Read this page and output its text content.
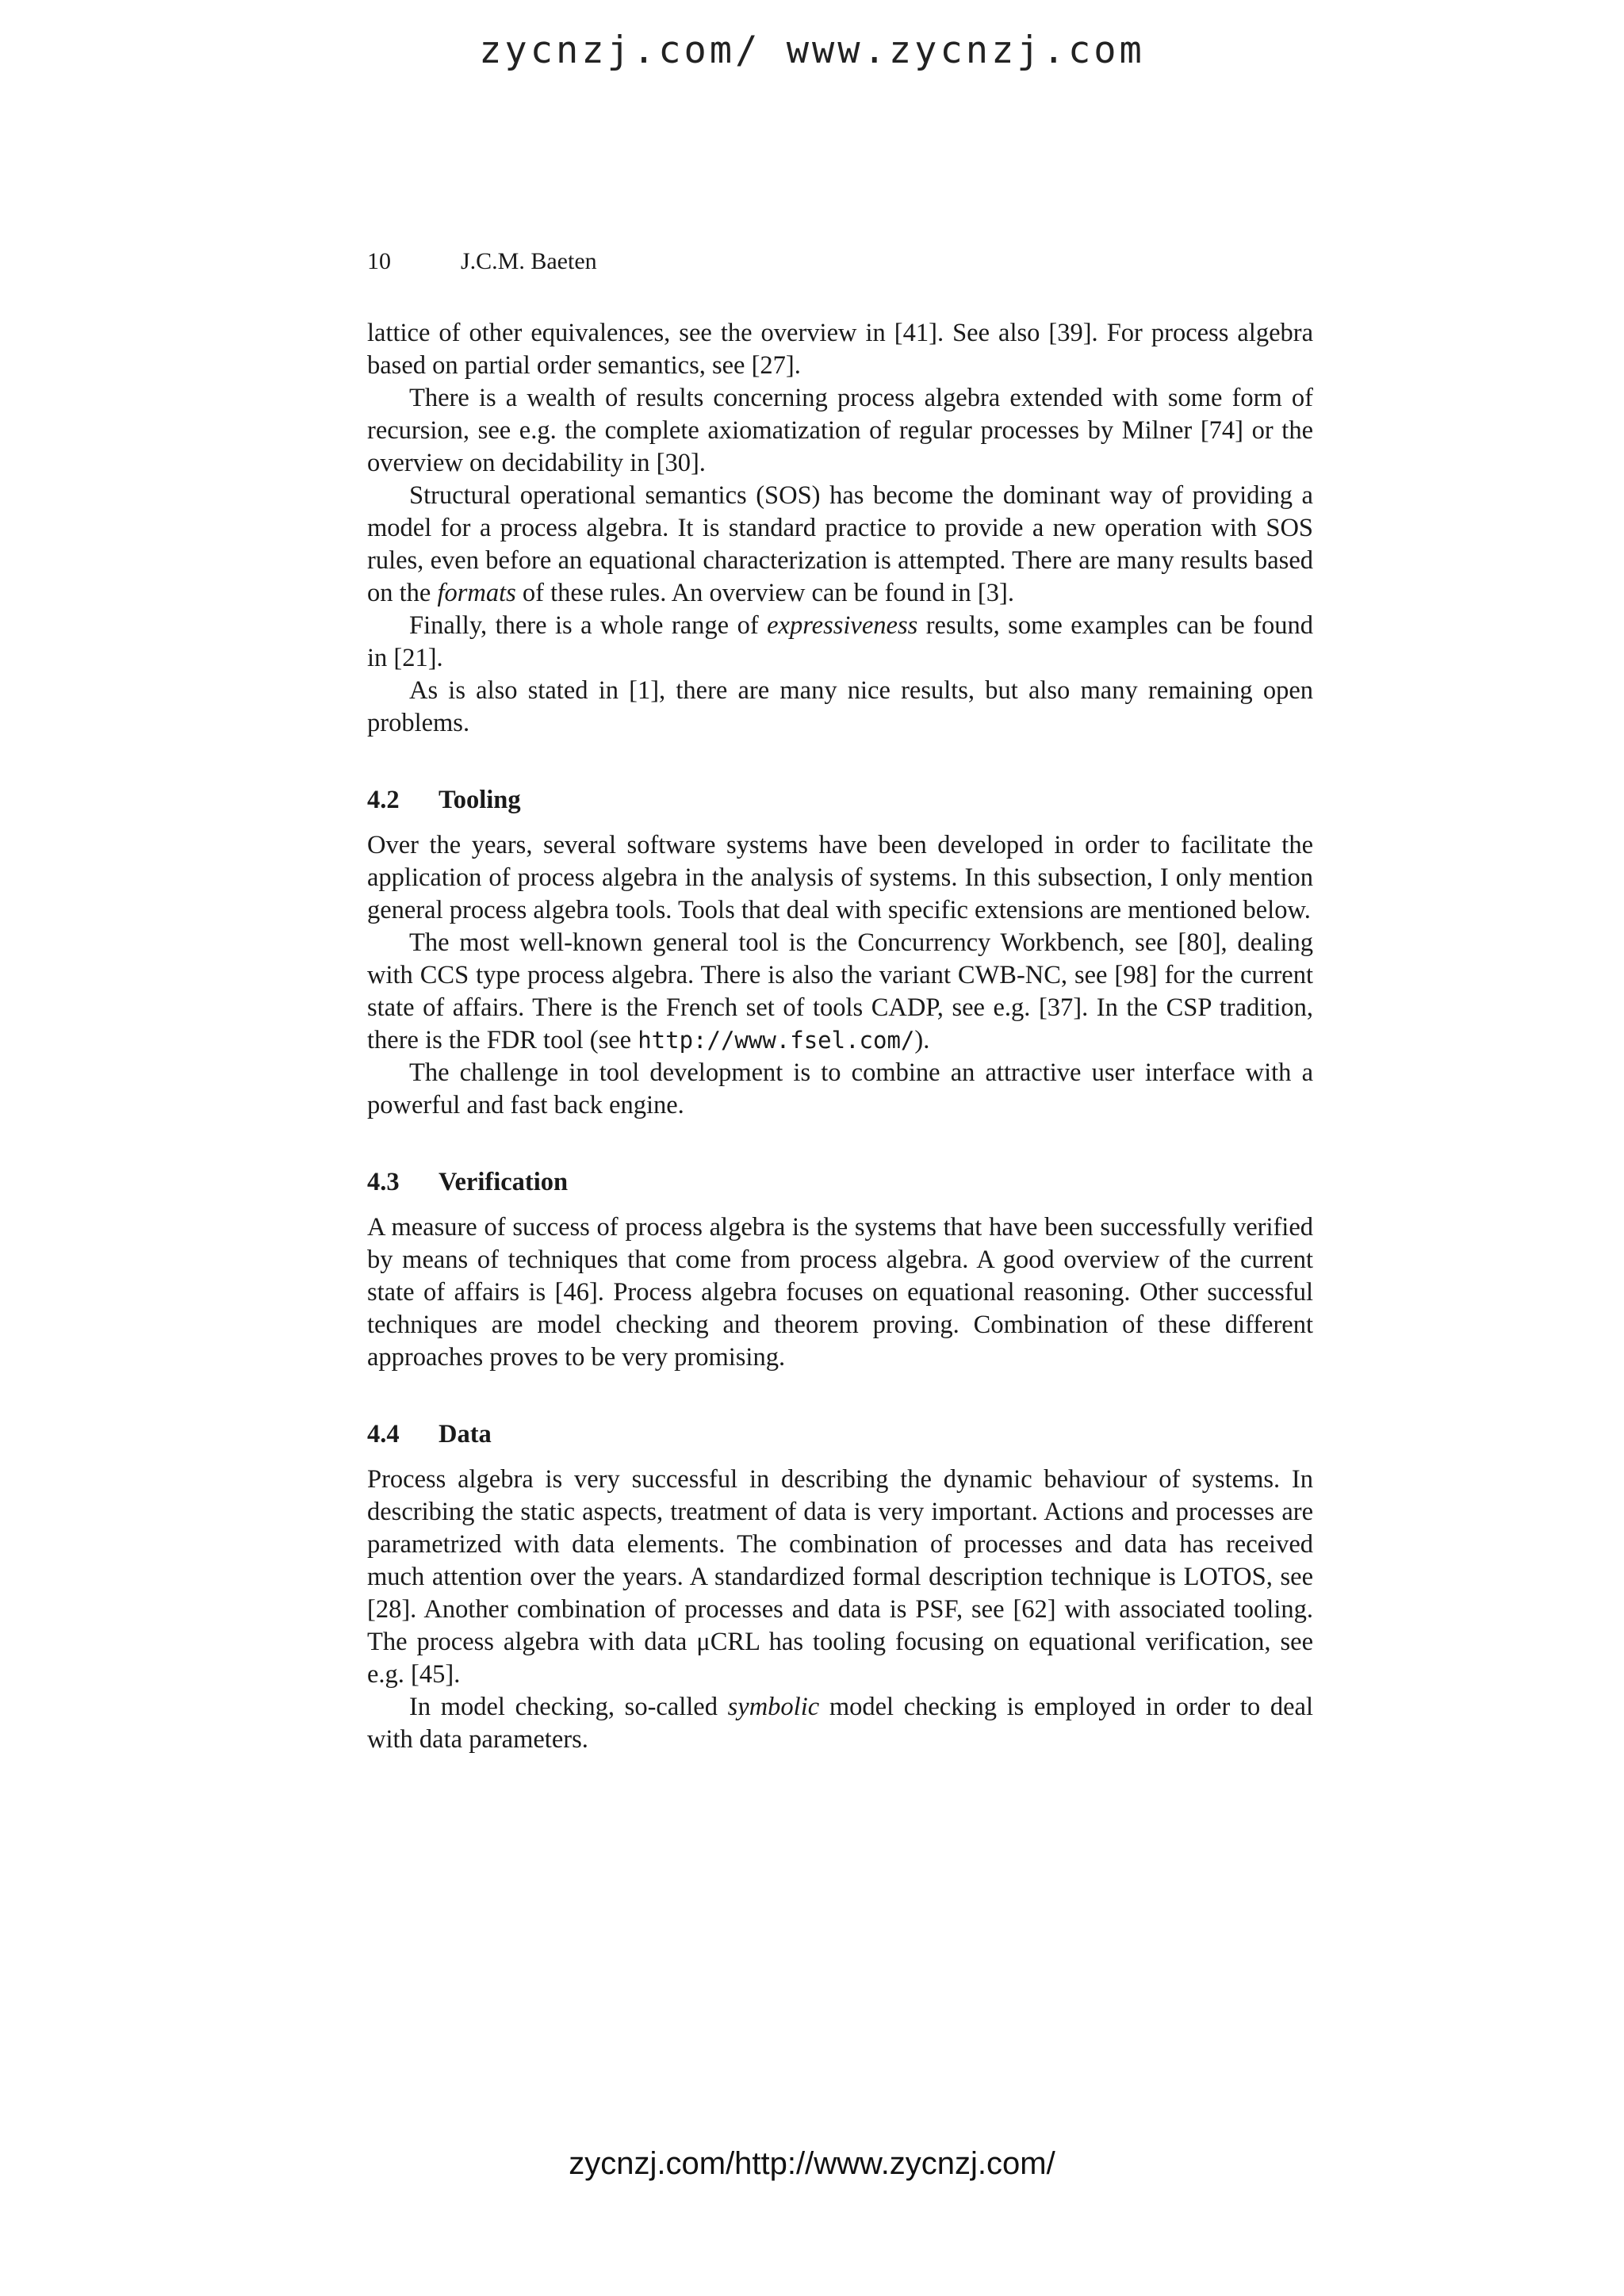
zycnzj.com/ www.zycnzj.com
10	J.C.M. Baeten

lattice of other equivalences, see the overview in [41]. See also [39]. For process algebra based on partial order semantics, see [27].

There is a wealth of results concerning process algebra extended with some form of recursion, see e.g. the complete axiomatization of regular processes by Milner [74] or the overview on decidability in [30].

Structural operational semantics (SOS) has become the dominant way of providing a model for a process algebra. It is standard practice to provide a new operation with SOS rules, even before an equational characterization is attempted. There are many results based on the formats of these rules. An overview can be found in [3].

Finally, there is a whole range of expressiveness results, some examples can be found in [21].

As is also stated in [1], there are many nice results, but also many remaining open problems.

4.2 Tooling

Over the years, several software systems have been developed in order to facilitate the application of process algebra in the analysis of systems. In this subsection, I only mention general process algebra tools. Tools that deal with specific extensions are mentioned below.

The most well-known general tool is the Concurrency Workbench, see [80], dealing with CCS type process algebra. There is also the variant CWB-NC, see [98] for the current state of affairs. There is the French set of tools CADP, see e.g. [37]. In the CSP tradition, there is the FDR tool (see http://www.fsel.com/).

The challenge in tool development is to combine an attractive user interface with a powerful and fast back engine.

4.3 Verification

A measure of success of process algebra is the systems that have been successfully verified by means of techniques that come from process algebra. A good overview of the current state of affairs is [46]. Process algebra focuses on equational reasoning. Other successful techniques are model checking and theorem proving. Combination of these different approaches proves to be very promising.

4.4 Data

Process algebra is very successful in describing the dynamic behaviour of systems. In describing the static aspects, treatment of data is very important. Actions and processes are parametrized with data elements. The combination of processes and data has received much attention over the years. A standardized formal description technique is LOTOS, see [28]. Another combination of processes and data is PSF, see [62] with associated tooling. The process algebra with data μCRL has tooling focusing on equational verification, see e.g. [45].

In model checking, so-called symbolic model checking is employed in order to deal with data parameters.

zycnzj.com/http://www.zycnzj.com/
